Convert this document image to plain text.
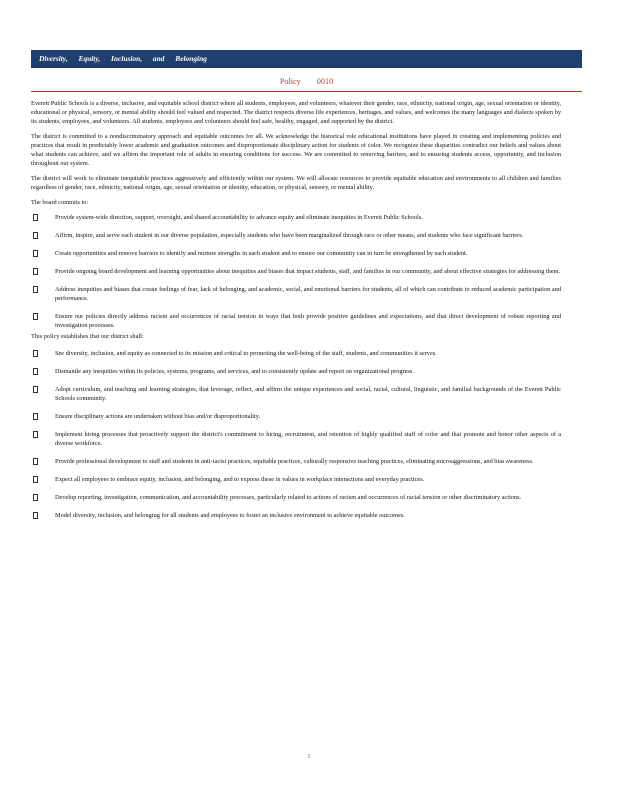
Diversity, Equity, Inclusion, and Belonging
Policy 0010

Everett Public Schools is a diverse, inclusive, and equitable school district where all students, employees, and volunteers, whatever their gender, race, ethnicity, national origin, age, sexual orientation or identity, educational or physical, sensory, or mental ability should feel valued and respected. The district respects diverse life experiences, heritages, and values, and welcomes the many languages and dialects spoken by its students, employees, and volunteers. All students, employees and volunteers should feel safe, healthy, engaged, and supported by the district.

The district is committed to a nondiscriminatory approach and equitable outcomes for all. We acknowledge the historical role educational institutions have played in creating and implementing policies and practices that result in predictably lower academic and graduation outcomes and disproportionate disciplinary action for students of color. We recognize these disparities contradict our beliefs and values about what students can achieve, and we affirm the important role of adults in ensuring conditions for success. We are committed to removing barriers, and to ensuring students access, opportunity, and inclusion throughout our system.

The district will work to eliminate inequitable practices aggressively and efficiently within our system. We will allocate resources to provide equitable education and environments to all children and families regardless of gender, race, ethnicity, national origin, age, sexual orientation or identity, education, or physical, sensory, or mental ability.

The board commits to:

Provide system-wide direction, support, oversight, and shared accountability to advance equity and eliminate inequities in Everett Public Schools.
Affirm, inspire, and serve each student in our diverse population, especially students who have been marginalized through race or other means, and students who face significant barriers.
Create opportunities and remove barriers to identify and nurture strengths in each student and to ensure our community can in turn be strengthened by each student.
Provide ongoing board development and learning opportunities about inequities and biases that impact students, staff, and families in our community, and about effective strategies for addressing them.
Address inequities and biases that create feelings of fear, lack of belonging, and academic, social, and emotional barriers for students, all of which can contribute to reduced academic participation and performance.
Ensure our policies directly address racism and occurrences of racial tension in ways that both provide positive guidelines and expectations, and that direct development of robust reporting and investigation processes.

This policy establishes that our district shall:

See diversity, inclusion, and equity as connected to its mission and critical to promoting the well-being of the staff, students, and communities it serves.
Dismantle any inequities within its policies, systems, programs, and services, and to consistently update and report on organizational progress.
Adopt curriculum, and teaching and learning strategies, that leverage, reflect, and affirm the unique experiences and social, racial, cultural, linguistic, and familial backgrounds of the Everett Public Schools community.
Ensure disciplinary actions are undertaken without bias and/or disproportionality.
Implement hiring processes that proactively support the district's commitment to hiring, recruitment, and retention of highly qualified staff of color and that promote and honor other aspects of a diverse workforce.
Provide professional development to staff and students in anti-racist practices, equitable practices, culturally responsive teaching practices, eliminating microaggressions, and bias awareness.
Expect all employees to embrace equity, inclusion, and belonging, and to express these in values in workplace interactions and everyday practices.
Develop reporting, investigation, communication, and accountability processes, particularly related to actions of racism and occurrences of racial tension or other discriminatory actions.
Model diversity, inclusion, and belonging for all students and employees to foster an inclusive environment to achieve equitable outcomes.
1
